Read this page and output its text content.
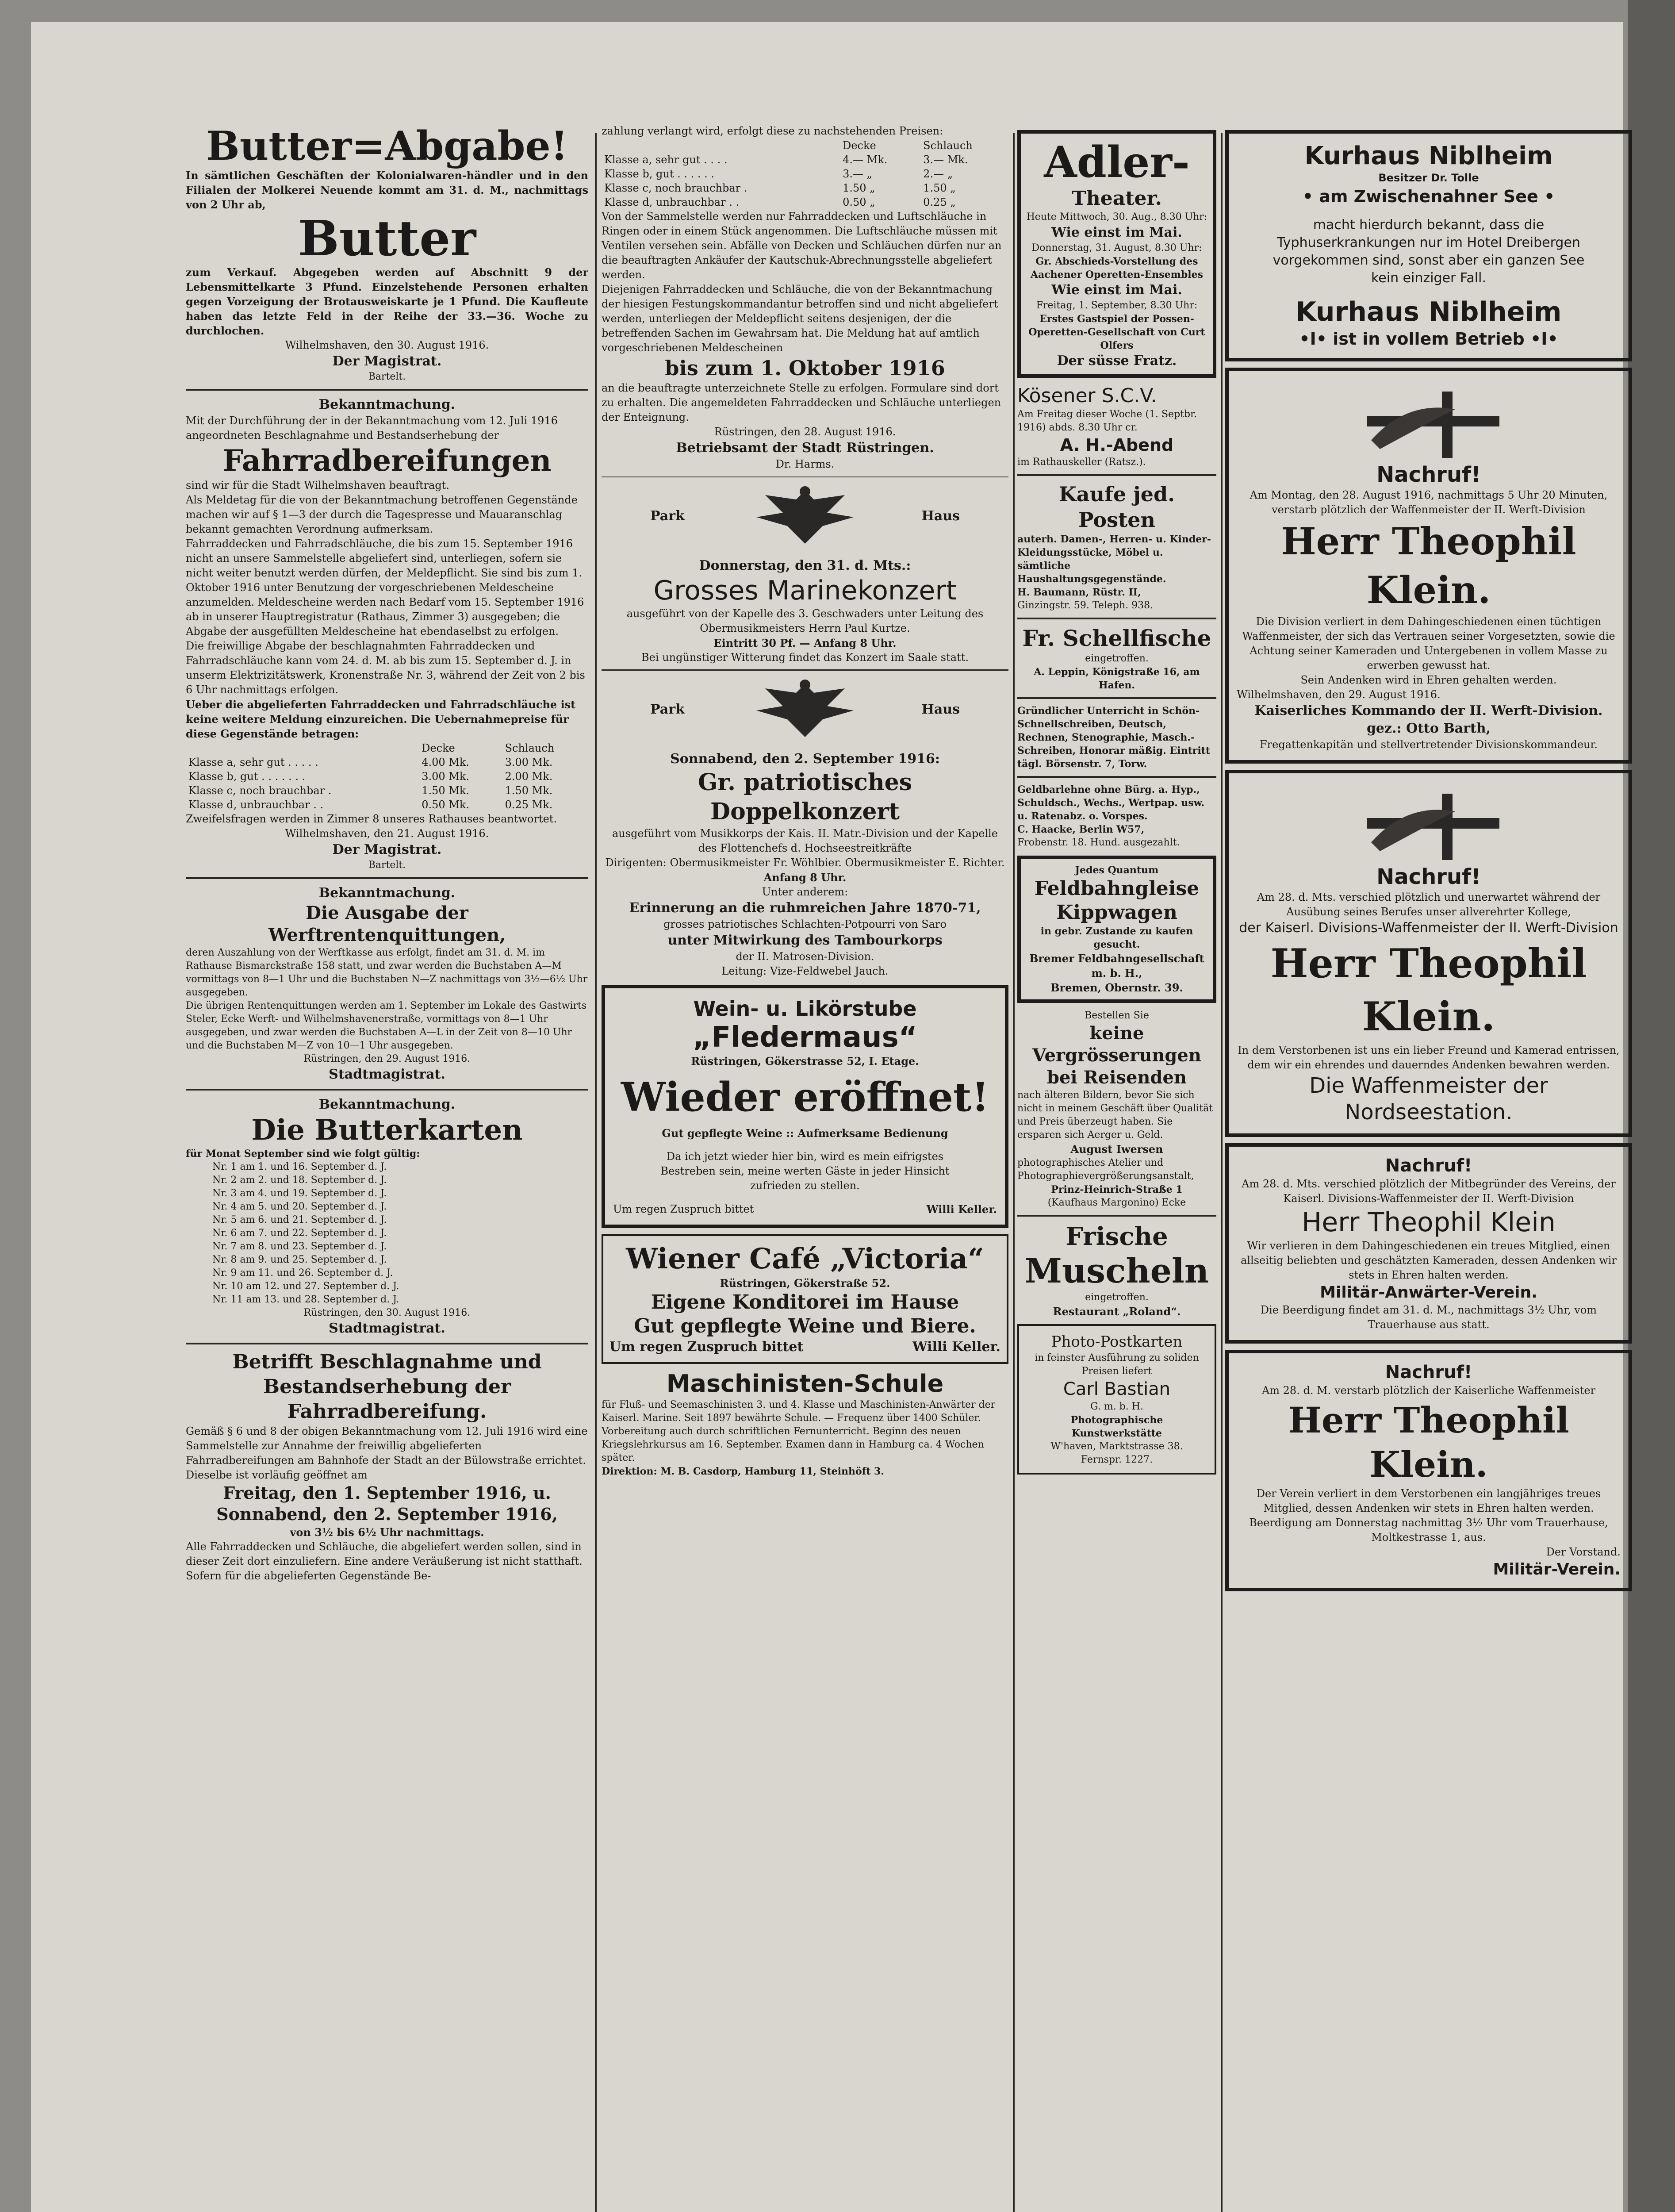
Butter=Abgabe!

In sämtlichen Geschäften der Kolonialwaren-händler und in den Filialen der Molkerei Neuende kommt am 31. d. M., nachmittags von 2 Uhr ab,

Butter

zum Verkauf. Abgegeben werden auf Abschnitt 9 der Lebensmittelkarte 3 Pfund. Einzelstehende Personen erhalten gegen Vorzeigung der Brotausweiskarte je 1 Pfund. Die Kaufleute haben das letzte Feld in der Reihe der 33.—36. Woche zu durchlochen.

Wilhelmshaven, den 30. August 1916.

Der Magistrat.

Bartelt.

Bekanntmachung.

Mit der Durchführung der in der Bekanntmachung vom 12. Juli 1916 angeordneten Beschlagnahme und Bestandserhebung der

Fahrradbereifungen

sind wir für die Stadt Wilhelmshaven beauftragt.

Als Meldetag für die von der Bekanntmachung betroffenen Gegenstände machen wir auf § 1—3 der durch die Tagespresse und Mauaranschlag bekannt gemachten Verordnung aufmerksam.

Fahrraddecken und Fahrradschläuche, die bis zum 15. September 1916 nicht an unsere Sammelstelle abgeliefert sind, unterliegen, sofern sie nicht weiter benutzt werden dürfen, der Meldepflicht. Sie sind bis zum 1. Oktober 1916 unter Benutzung der vorgeschriebenen Meldescheine anzumelden. Meldescheine werden nach Bedarf vom 15. September 1916 ab in unserer Hauptregistratur (Rathaus, Zimmer 3) ausgegeben; die Abgabe der ausgefüllten Meldescheine hat ebendaselbst zu erfolgen.

Die freiwillige Abgabe der beschlagnahmten Fahrraddecken und Fahrradschläuche kann vom 24. d. M. ab bis zum 15. September d. J. in unserm Elektrizitätswerk, Kronenstraße Nr. 3, während der Zeit von 2 bis 6 Uhr nachmittags erfolgen.

Ueber die abgelieferten Fahrraddecken und Fahrradschläuche ist keine weitere Meldung einzureichen. Die Uebernahmepreise für diese Gegenstände betragen:

	Decke	Schlauch
Klasse a, sehr gut . . . . .	4.00 Mk.	3.00 Mk.
Klasse b, gut . . . . . . .	3.00 Mk.	2.00 Mk.
Klasse c, noch brauchbar .	1.50 Mk.	1.50 Mk.
Klasse d, unbrauchbar . .	0.50 Mk.	0.25 Mk.

Zweifelsfragen werden in Zimmer 8 unseres Rathauses beantwortet.

Wilhelmshaven, den 21. August 1916.

Der Magistrat.

Bartelt.

Bekanntmachung.

Die Ausgabe der Werftrentenquittungen,

deren Auszahlung von der Werftkasse aus erfolgt, findet am 31. d. M. im Rathause Bismarckstraße 158 statt, und zwar werden die Buchstaben A—M vormittags von 8—1 Uhr und die Buchstaben N—Z nachmittags von 3½—6½ Uhr ausgegeben.

Die übrigen Rentenquittungen werden am 1. September im Lokale des Gastwirts Steler, Ecke Werft- und Wilhelmshavenerstraße, vormittags von 8—1 Uhr ausgegeben, und zwar werden die Buchstaben A—L in der Zeit von 8—10 Uhr und die Buchstaben M—Z von 10—1 Uhr ausgegeben.

Rüstringen, den 29. August 1916.

Stadtmagistrat.

Bekanntmachung.

Die Butterkarten

für Monat September sind wie folgt gültig:

Nr. 1 am 1. und 16. September d. J.

Nr. 2 am 2. und 18. September d. J.

Nr. 3 am 4. und 19. September d. J.

Nr. 4 am 5. und 20. September d. J.

Nr. 5 am 6. und 21. September d. J.

Nr. 6 am 7. und 22. September d. J.

Nr. 7 am 8. und 23. September d. J.

Nr. 8 am 9. und 25. September d. J.

Nr. 9 am 11. und 26. September d. J.

Nr. 10 am 12. und 27. September d. J.

Nr. 11 am 13. und 28. September d. J.

Rüstringen, den 30. August 1916.

Stadtmagistrat.

Betrifft Beschlagnahme und Bestandserhebung der Fahrradbereifung.

Gemäß § 6 und 8 der obigen Bekanntmachung vom 12. Juli 1916 wird eine Sammelstelle zur Annahme der freiwillig abgelieferten Fahrradbereifungen am Bahnhofe der Stadt an der Bülowstraße errichtet. Dieselbe ist vorläufig geöffnet am

Freitag, den 1. September 1916, u. Sonnabend, den 2. September 1916,

von 3½ bis 6½ Uhr nachmittags.

Alle Fahrraddecken und Schläuche, die abgeliefert werden sollen, sind in dieser Zeit dort einzuliefern. Eine andere Veräußerung ist nicht statthaft. Sofern für die abgelieferten Gegenstände Be-

zahlung verlangt wird, erfolgt diese zu nachstehenden Preisen:

	Decke	Schlauch
Klasse a, sehr gut . . . .	4.— Mk.	3.— Mk.
Klasse b, gut . . . . . .	3.— „	2.— „
Klasse c, noch brauchbar .	1.50 „	1.50 „
Klasse d, unbrauchbar . .	0.50 „	0.25 „

Von der Sammelstelle werden nur Fahrraddecken und Luftschläuche in Ringen oder in einem Stück angenommen. Die Luftschläuche müssen mit Ventilen versehen sein. Abfälle von Decken und Schläuchen dürfen nur an die beauftragten Ankäufer der Kautschuk-Abrechnungsstelle abgeliefert werden.

Diejenigen Fahrraddecken und Schläuche, die von der Bekanntmachung der hiesigen Festungskommandantur betroffen sind und nicht abgeliefert werden, unterliegen der Meldepflicht seitens desjenigen, der die betreffenden Sachen im Gewahrsam hat. Die Meldung hat auf amtlich vorgeschriebenen Meldescheinen

bis zum 1. Oktober 1916

an die beauftragte unterzeichnete Stelle zu erfolgen. Formulare sind dort zu erhalten. Die angemeldeten Fahrraddecken und Schläuche unterliegen der Enteignung.

Rüstringen, den 28. August 1916.

Betriebsamt der Stadt Rüstringen.

Dr. Harms.

Park	Haus

Donnerstag, den 31. d. Mts.:

Grosses Marinekonzert

ausgeführt von der Kapelle des 3. Geschwaders unter Leitung des Obermusikmeisters Herrn Paul Kurtze.

Eintritt 30 Pf. — Anfang 8 Uhr.

Bei ungünstiger Witterung findet das Konzert im Saale statt.

Park	Haus

Sonnabend, den 2. September 1916:

Gr. patriotisches Doppelkonzert

ausgeführt vom Musikkorps der Kais. II. Matr.-Division und der Kapelle des Flottenchefs d. Hochseestreitkräfte

Dirigenten: Obermusikmeister Fr. Wöhlbier. Obermusikmeister E. Richter.

Anfang 8 Uhr.

Unter anderem:

Erinnerung an die ruhmreichen Jahre 1870-71,

grosses patriotisches Schlachten-Potpourri von Saro

unter Mitwirkung des Tambourkorps

der II. Matrosen-Division.

Leitung: Vize-Feldwebel Jauch.

Wein- u. Likörstube

„Fledermaus“

Rüstringen, Gökerstrasse 52, I. Etage.

Wieder eröffnet!

Gut gepflegte Weine :: Aufmerksame Bedienung

Da ich jetzt wieder hier bin, wird es mein eifrigstes Bestreben sein, meine werten Gäste in jeder Hinsicht zufrieden zu stellen.

Um regen Zuspruch bittet	Willi Keller.

Wiener Café „Victoria“

Rüstringen, Gökerstraße 52.

Eigene Konditorei im Hause

Gut gepflegte Weine und Biere.

Um regen Zuspruch bittet	Willi Keller.

Maschinisten-Schule

für Fluß- und Seemaschinisten 3. und 4. Klasse und Maschinisten-Anwärter der Kaiserl. Marine. Seit 1897 bewährte Schule. — Frequenz über 1400 Schüler. Vorbereitung auch durch schriftlichen Fernunterricht. Beginn des neuen Kriegslehrkursus am 16. September. Examen dann in Hamburg ca. 4 Wochen später.

Direktion: M. B. Casdorp, Hamburg 11, Steinhöft 3.

Adler-

Theater.

Heute Mittwoch, 30. Aug., 8.30 Uhr:

Wie einst im Mai.

Donnerstag, 31. August, 8.30 Uhr:

Gr. Abschieds-Vorstellung des Aachener Operetten-Ensembles

Wie einst im Mai.

Freitag, 1. September, 8.30 Uhr:

Erstes Gastspiel der Possen-Operetten-Gesellschaft von Curt Olfers

Der süsse Fratz.

Kösener S.C.V.

Am Freitag dieser Woche (1. Septbr. 1916) abds. 8.30 Uhr cr.

A. H.-Abend

im Rathauskeller (Ratsz.).

Kaufe jed. Posten

auterh. Damen-, Herren- u. Kinder-Kleidungsstücke, Möbel u. sämtliche Haushaltungsgegenstände.

H. Baumann, Rüstr. II,

Ginzingstr. 59. Teleph. 938.

Fr. Schellfische

eingetroffen.

A. Leppin, Königstraße 16, am Hafen.

Gründlicher Unterricht in Schön-Schnellschreiben, Deutsch, Rechnen, Stenographie, Masch.-Schreiben, Honorar mäßig. Eintritt tägl. Börsenstr. 7, Torw.

Geldbarlehne ohne Bürg. a. Hyp., Schuldsch., Wechs., Wertpap. usw. u. Ratenabz. o. Vorspes.

C. Haacke, Berlin W57,

Frobenstr. 18. Hund. ausgezahlt.

Jedes Quantum

Feldbahngleise

Kippwagen

in gebr. Zustande zu kaufen gesucht.

Bremer Feldbahngesellschaft m. b. H.,

Bremen, Obernstr. 39.

Bestellen Sie

keine Vergrösserungen

bei Reisenden

nach älteren Bildern, bevor Sie sich nicht in meinem Geschäft über Qualität und Preis überzeugt haben. Sie ersparen sich Aerger u. Geld.

August Iwersen

photographisches Atelier und Photographievergrößerungsanstalt,

Prinz-Heinrich-Straße 1

(Kaufhaus Margonino) Ecke

Frische

Muscheln

eingetroffen.

Restaurant „Roland“.

Photo-Postkarten

in feinster Ausführung zu soliden Preisen liefert

Carl Bastian

G. m. b. H.

Photographische Kunstwerkstätte

W'haven, Marktstrasse 38.

Fernspr. 1227.

Kurhaus Niblheim

Besitzer Dr. Tolle

• am Zwischenahner See •

macht hierdurch bekannt, dass die Typhuserkrankungen nur im Hotel Dreibergen vorgekommen sind, sonst aber ein ganzen See kein einziger Fall.

Kurhaus Niblheim

•I• ist in vollem Betrieb •I•

Nachruf!

Am Montag, den 28. August 1916, nachmittags 5 Uhr 20 Minuten, verstarb plötzlich der Waffenmeister der II. Werft-Division

Herr Theophil Klein.

Die Division verliert in dem Dahingeschiedenen einen tüchtigen Waffenmeister, der sich das Vertrauen seiner Vorgesetzten, sowie die Achtung seiner Kameraden und Untergebenen in vollem Masse zu erwerben gewusst hat.

Sein Andenken wird in Ehren gehalten werden.

Wilhelmshaven, den 29. August 1916.

Kaiserliches Kommando der II. Werft-Division.

gez.: Otto Barth,

Fregattenkapitän und stellvertretender Divisionskommandeur.

Nachruf!

Am 28. d. Mts. verschied plötzlich und unerwartet während der Ausübung seines Berufes unser allverehrter Kollege,

der Kaiserl. Divisions-Waffenmeister der II. Werft-Division

Herr Theophil Klein.

In dem Verstorbenen ist uns ein lieber Freund und Kamerad entrissen, dem wir ein ehrendes und dauerndes Andenken bewahren werden.

Die Waffenmeister der Nordseestation.

Nachruf!

Am 28. d. Mts. verschied plötzlich der Mitbegründer des Vereins, der Kaiserl. Divisions-Waffenmeister der II. Werft-Division

Herr Theophil Klein

Wir verlieren in dem Dahingeschiedenen ein treues Mitglied, einen allseitig beliebten und geschätzten Kameraden, dessen Andenken wir stets in Ehren halten werden.

Militär-Anwärter-Verein.

Die Beerdigung findet am 31. d. M., nachmittags 3½ Uhr, vom Trauerhause aus statt.

Nachruf!

Am 28. d. M. verstarb plötzlich der Kaiserliche Waffenmeister

Herr Theophil Klein.

Der Verein verliert in dem Verstorbenen ein langjähriges treues Mitglied, dessen Andenken wir stets in Ehren halten werden.

Beerdigung am Donnerstag nachmittag 3½ Uhr vom Trauerhause, Moltkestrasse 1, aus.

Der Vorstand.

Militär-Verein.
